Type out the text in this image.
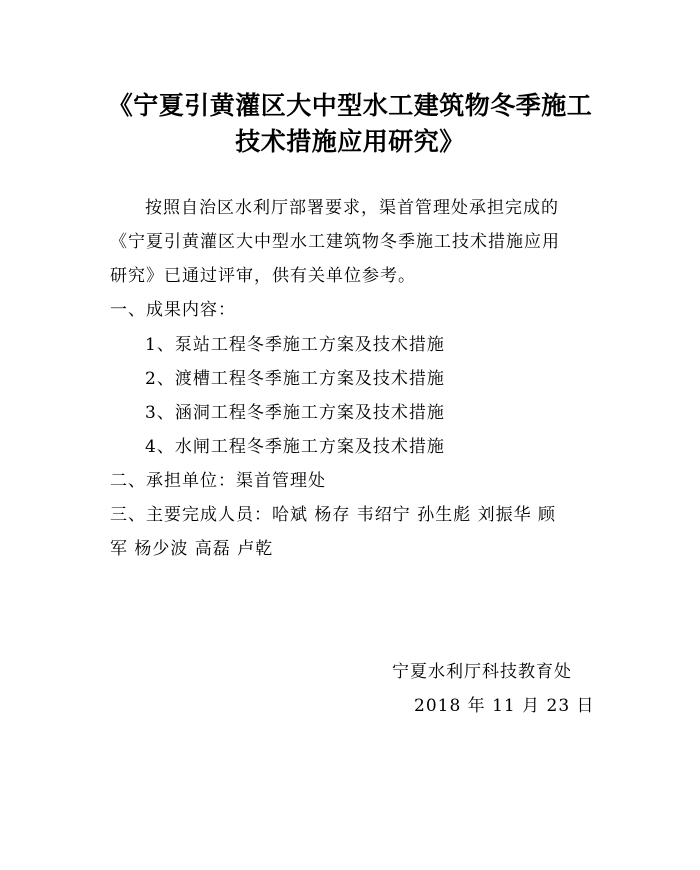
《宁夏引黄灌区大中型水工建筑物冬季施工
技术措施应用研究》
按照自治区水利厅部署要求，渠首管理处承担完成的
《宁夏引黄灌区大中型水工建筑物冬季施工技术措施应用
研究》已通过评审，供有关单位参考。
一、成果内容：
1、泵站工程冬季施工方案及技术措施
2、渡槽工程冬季施工方案及技术措施
3、涵洞工程冬季施工方案及技术措施
4、水闸工程冬季施工方案及技术措施
二、承担单位：渠首管理处
三、主要完成人员：哈斌 杨存 韦绍宁 孙生彪 刘振华 顾
军 杨少波 高磊 卢乾
宁夏水利厅科技教育处
2018 年 11 月 23 日
